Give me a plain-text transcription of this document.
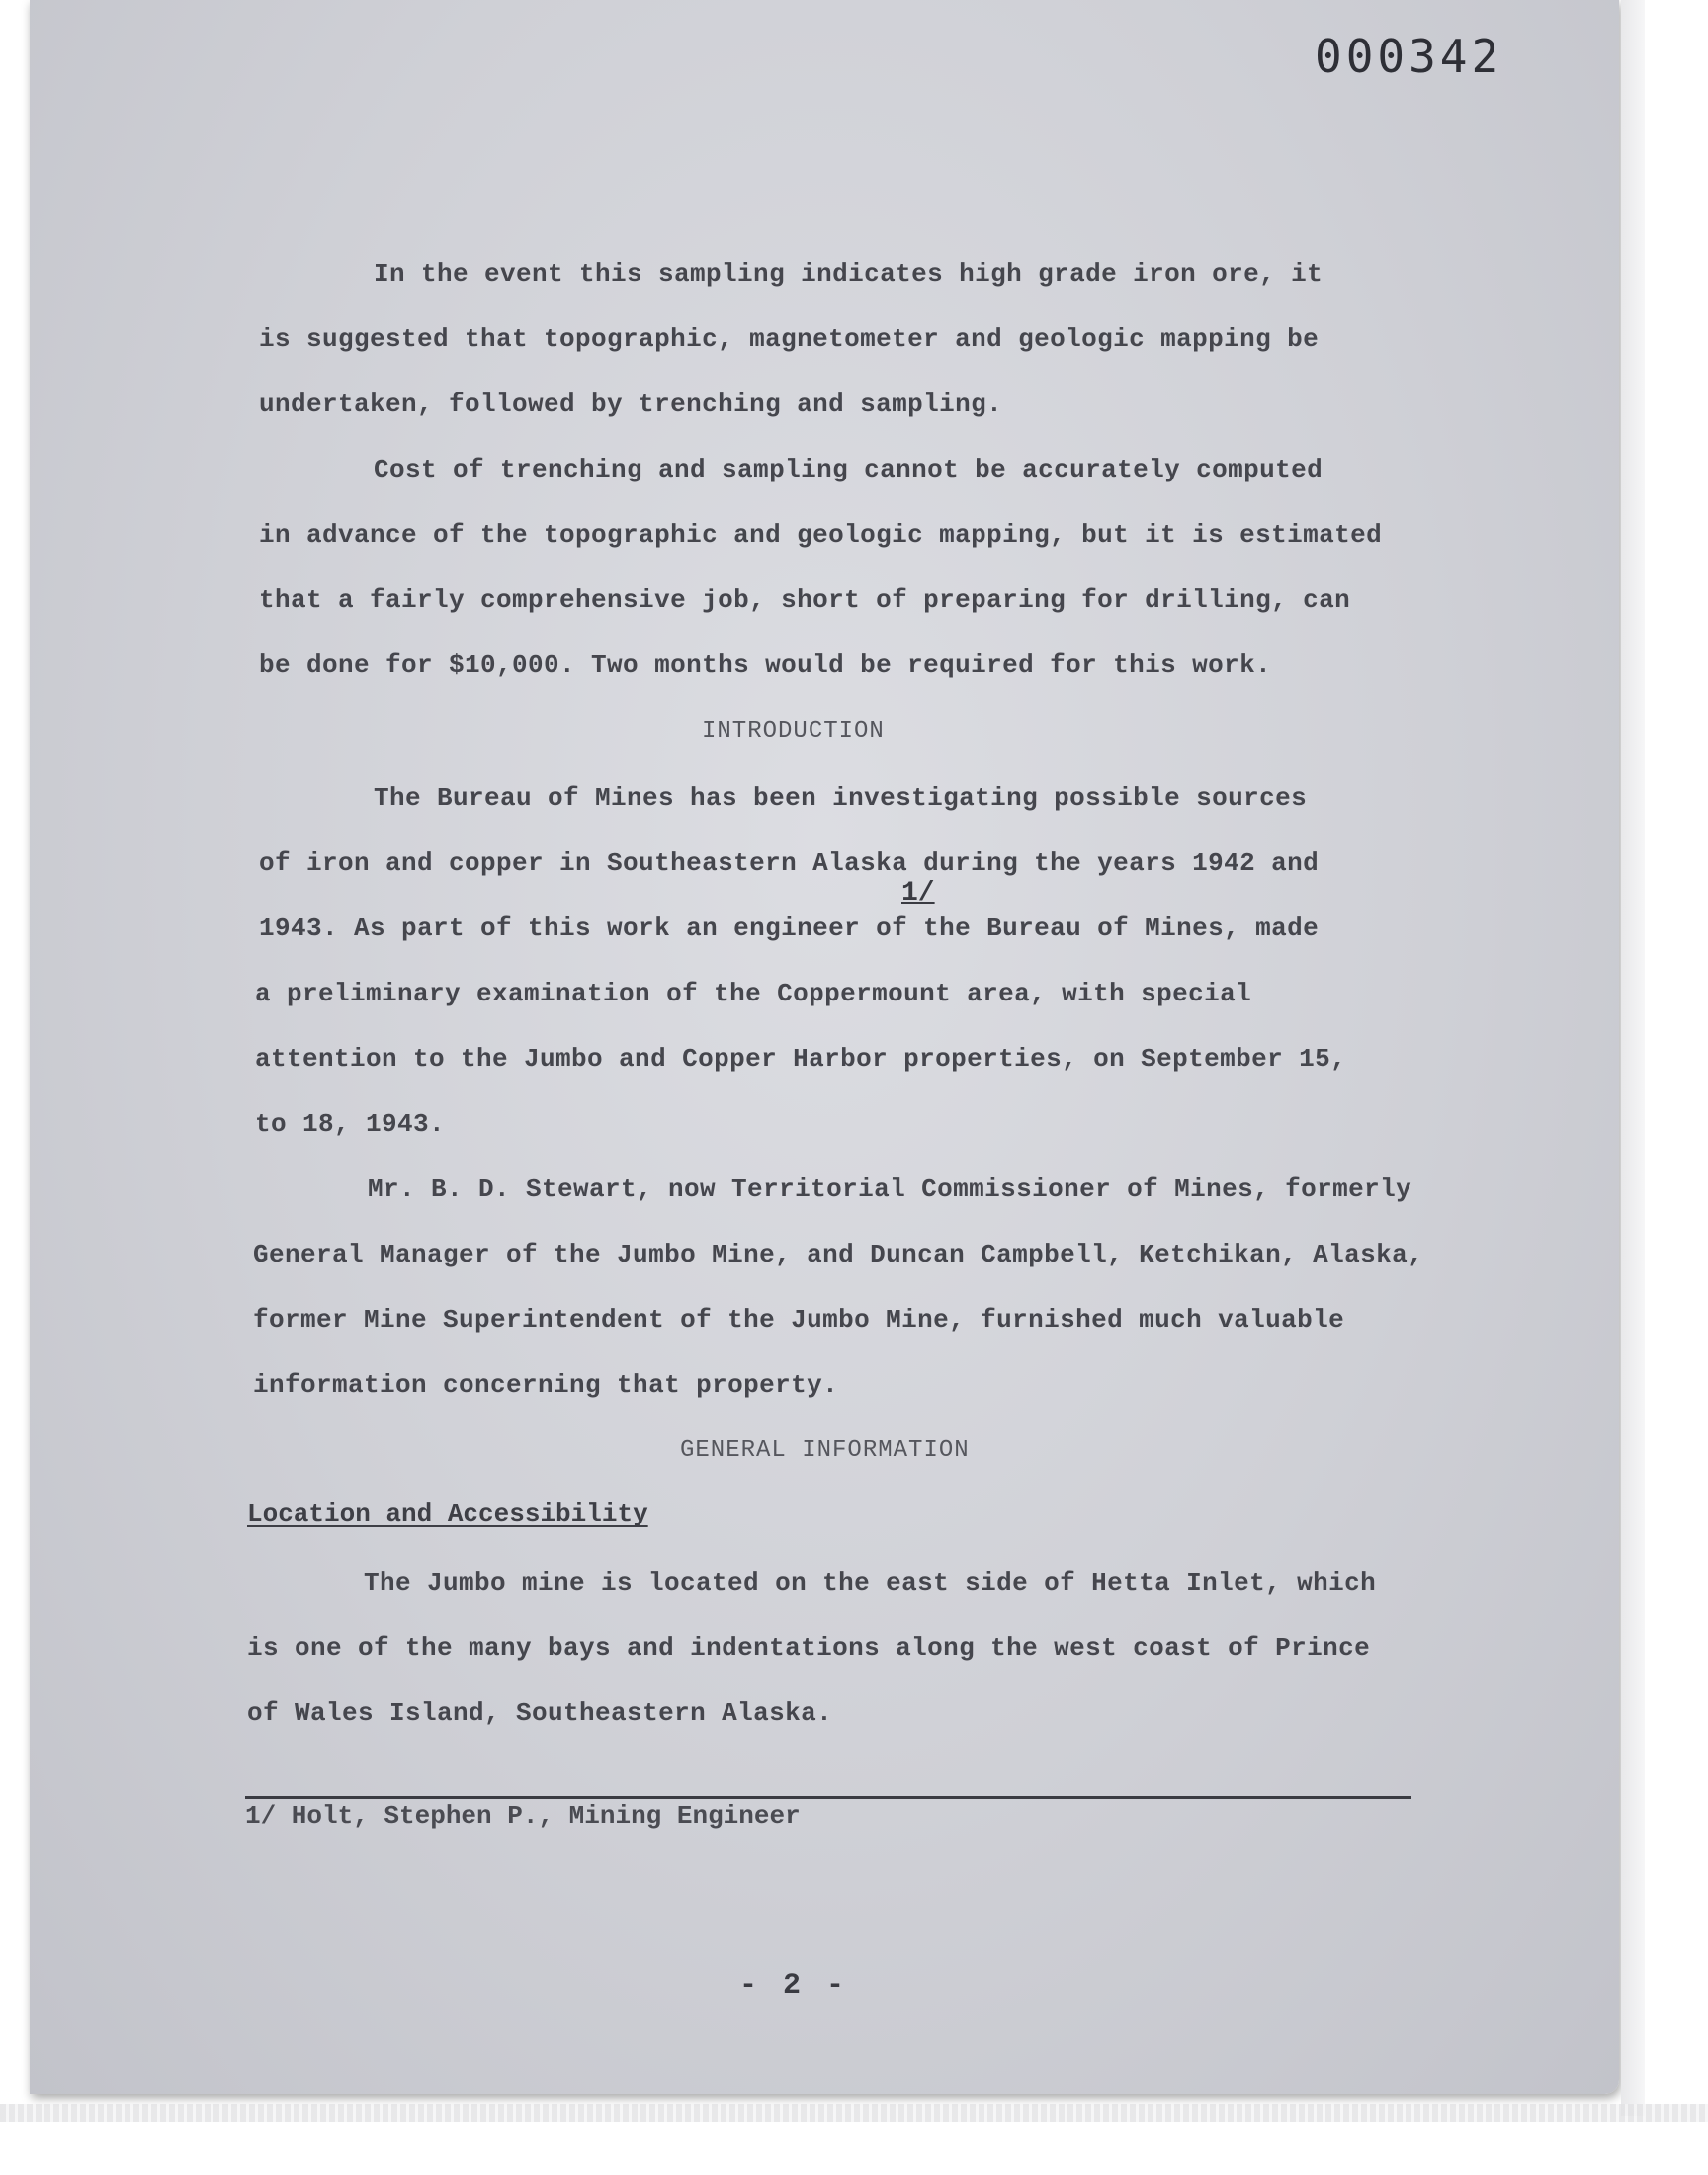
000342
In the event this sampling indicates high grade iron ore, it
is suggested that topographic, magnetometer and geologic mapping be
undertaken, followed by trenching and sampling.
Cost of trenching and sampling cannot be accurately computed
in advance of the topographic and geologic mapping, but it is estimated
that a fairly comprehensive job, short of preparing for drilling, can
be done for $10,000. Two months would be required for this work.
INTRODUCTION
The Bureau of Mines has been investigating possible sources
of iron and copper in Southeastern Alaska during the years 1942 and
1/
1943. As part of this work an engineer of the Bureau of Mines, made
a preliminary examination of the Coppermount area, with special
attention to the Jumbo and Copper Harbor properties, on September 15,
to 18, 1943.
Mr. B. D. Stewart, now Territorial Commissioner of Mines, formerly
General Manager of the Jumbo Mine, and Duncan Campbell, Ketchikan, Alaska,
former Mine Superintendent of the Jumbo Mine, furnished much valuable
information concerning that property.
GENERAL INFORMATION
Location and Accessibility
The Jumbo mine is located on the east side of Hetta Inlet, which
is one of the many bays and indentations along the west coast of Prince
of Wales Island, Southeastern Alaska.
1/ Holt, Stephen P., Mining Engineer
- 2 -
